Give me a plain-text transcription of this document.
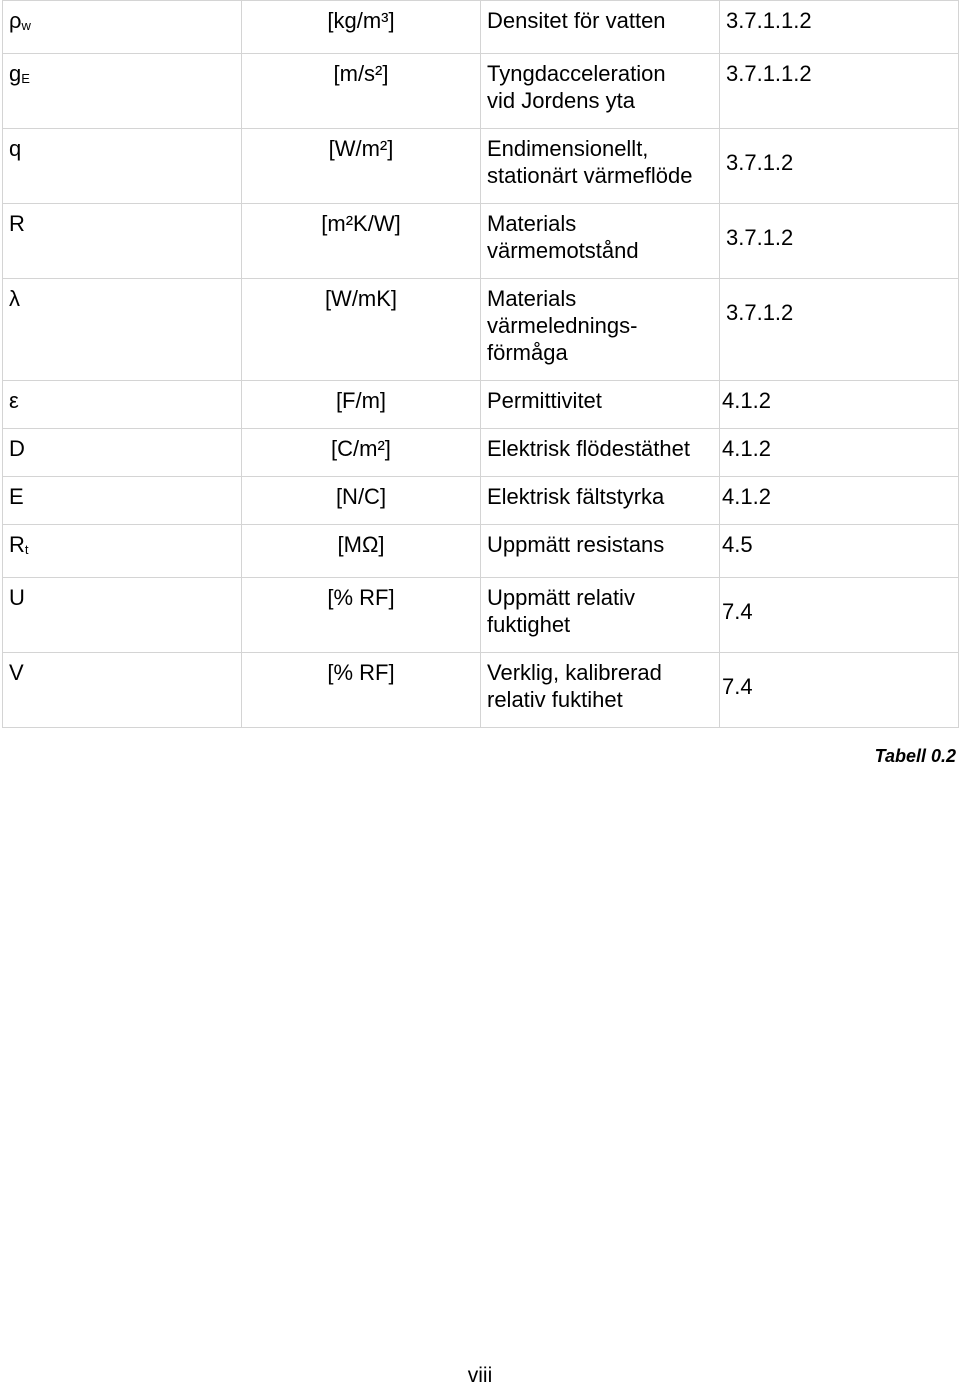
$\rho_w$	[kg/m³]	Densitet för vatten	3.7.1.1.2
$g_E$	[m/s²]	Tyngdacceleration
vid Jordens yta	3.7.1.1.2
q	[W/m²]	Endimensionellt,
stationärt värmeflöde	3.7.1.2
R	[m²K/W]	Materials
värmemotstånd	3.7.1.2
λ	[W/mK]	Materials
värmelednings-
förmåga	3.7.1.2
ε	[F/m]	Permittivitet	4.1.2
D	[C/m²]	Elektrisk flödestäthet	4.1.2
E	[N/C]	Elektrisk fältstyrka	4.1.2
$R_t$	[MΩ]	Uppmätt resistans	4.5
U	[% RF]	Uppmätt relativ
fuktighet	7.4
V	[% RF]	Verklig, kalibrerad
relativ fuktihet	7.4
Tabell 0.2
viii
